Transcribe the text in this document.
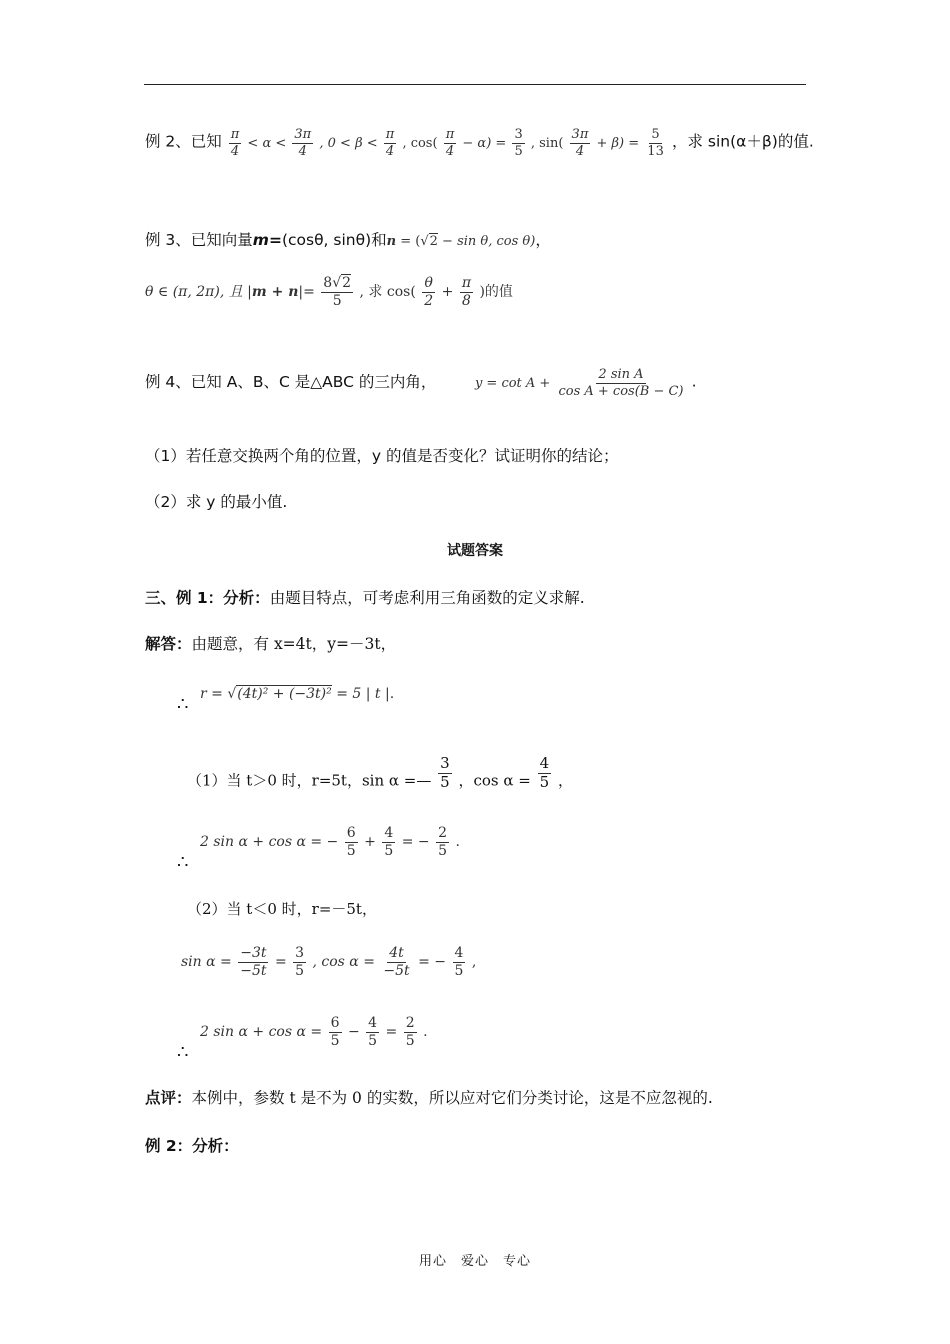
例 2、已知 $\frac{\pi}{4} < \alpha < \frac{3\pi}{4}$ , $0 < \beta < \frac{\pi}{4}$ , $\cos( \frac{\pi}{4} - \alpha) = \frac{3}{5}$ , $\sin( \frac{3\pi}{4} + \beta) = \frac{5}{13}$ ，求 sin(α＋β)的值.
例 3、已知向量m=(cosθ, sinθ)和n = (√2 − sin θ, cos θ)，
θ ∈ (π, 2π), 且 $|m + n|= \frac{8√2}{5}$ , 求 $\cos( \frac{\theta}{2} + \frac{\pi}{8}$ )的值
例 4、已知 A、B、C 是△ABC 的三内角，	$y = \cot A + \frac{\text{2 sin A}}{\text{cos A + cos(B − C)}}$ .
（1）若任意交换两个角的位置，y 的值是否变化？试证明你的结论；
（2）求 y 的最小值.
试题答案
三、例 1：分析：由题目特点，可考虑利用三角函数的定义求解.
解答：由题意，有 x=4t，y=－3t，
∴ r = √(4t)² + (−3t)² = 5 | t |.
（1）当 t＞0 时，r=5t，sin α =— $\frac{3}{5}$ ，$\cos \alpha = \frac{4}{5}$ ，
∴
2 sin α + cos α = − $\frac{6}{5} + \frac{4}{5}$ = − $\frac{2}{5}$ .
（2）当 t＜0 时，r=－5t，
$\sin \alpha = \frac{-3t}{-5t} = \frac{3}{5}$ , $\cos \alpha = \frac{4t}{-5t}$ = − $\frac{4}{5}$ ,
∴
2 $\sin \alpha + \cos \alpha = \frac{6}{5} - \frac{4}{5} = \frac{2}{5}$ .
点评：本例中，参数 t 是不为 0 的实数，所以应对它们分类讨论，这是不应忽视的.
例 2：分析：
用心　爱心　专心
